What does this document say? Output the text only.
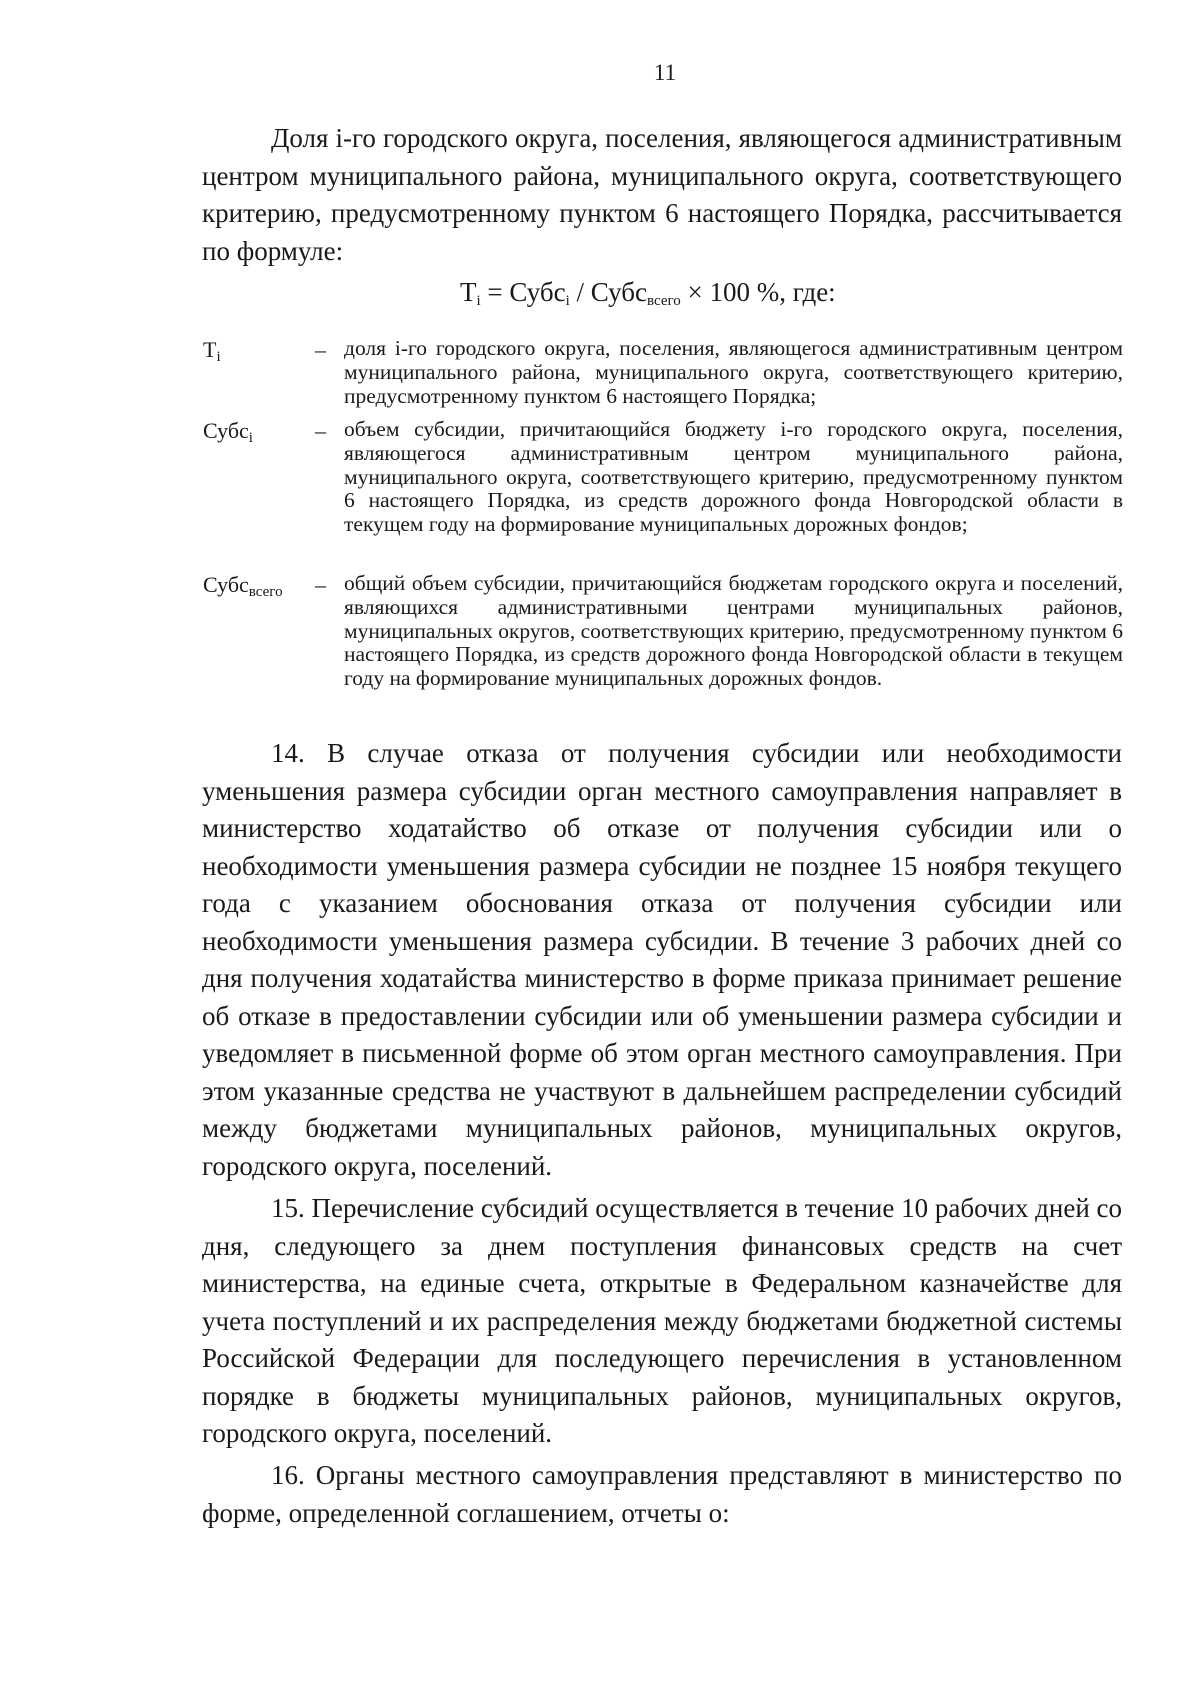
11

Доля i-го городского округа, поселения, являющегося административным центром муниципального района, муниципального округа, соответствующего критерию, предусмотренному пунктом 6 настоящего Порядка, рассчитывается по формуле:

$T_i$ = Субс$_i$ / Субс$_{всего}$ × 100 %, где:
$T_i$	– доля i-го городского округа, поселения, являющегося административным центром муниципального района, муниципального округа, соответствующего критерию, предусмотренному пунктом 6 настоящего Порядка;

Субс$_i$	– объем субсидии, причитающийся бюджету i-го городского округа, поселения, являющегося административным центром муниципального района, муниципального округа, соответствующего критерию, предусмотренному пунктом 6 настоящего Порядка, из средств дорожного фонда Новгородской области в текущем году на формирование муниципальных дорожных фондов;

Субс$_{всего}$ – общий объем субсидии, причитающийся бюджетам городского округа и поселений, являющихся административными центрами муниципальных районов, муниципальных округов, соответствующих критерию, предусмотренному пунктом 6 настоящего Порядка, из средств дорожного фонда Новгородской области в текущем году на формирование муниципальных дорожных фондов.

14. В случае отказа от получения субсидии или необходимости уменьшения размера субсидии орган местного самоуправления направляет в министерство ходатайство об отказе от получения субсидии или о необходимости уменьшения размера субсидии не позднее 15 ноября текущего года с указанием обоснования отказа от получения субсидии или необходимости уменьшения размера субсидии. В течение 3 рабочих дней со дня получения ходатайства министерство в форме приказа принимает решение об отказе в предоставлении субсидии или об уменьшении размера субсидии и уведомляет в письменной форме об этом орган местного самоуправления. При этом указанные средства не участвуют в дальнейшем распределении субсидий между бюджетами муниципальных районов, муниципальных округов, городского округа, поселений.

15. Перечисление субсидий осуществляется в течение 10 рабочих дней со дня, следующего за днем поступления финансовых средств на счет министерства, на единые счета, открытые в Федеральном казначействе для учета поступлений и их распределения между бюджетами бюджетной системы Российской Федерации для последующего перечисления в установленном порядке в бюджеты муниципальных районов, муниципальных округов, городского округа, поселений.

16. Органы местного самоуправления представляют в министерство по форме, определенной соглашением, отчеты о:
